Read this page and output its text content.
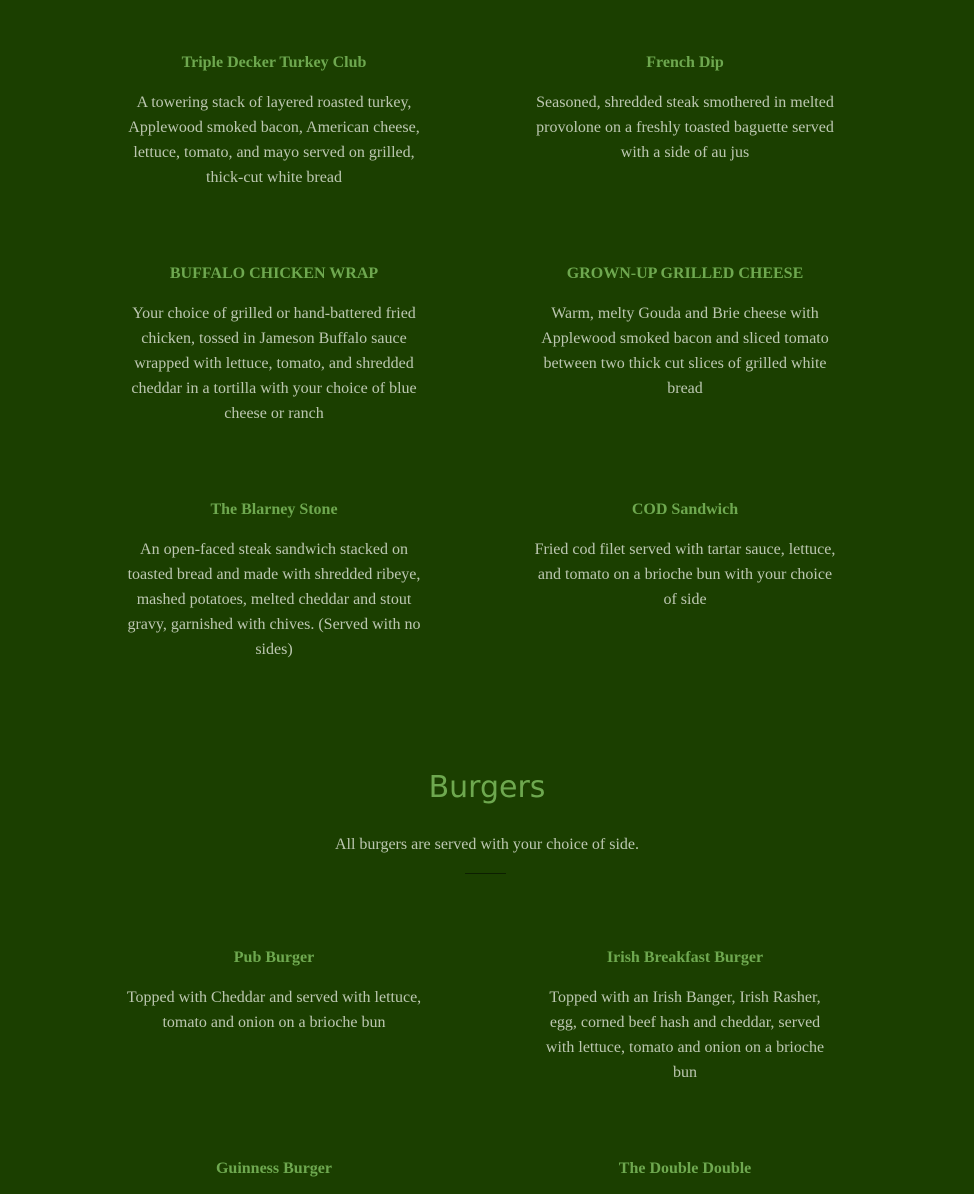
Triple Decker Turkey Club

A towering stack of layered roasted turkey, Applewood smoked bacon, American cheese, lettuce, tomato, and mayo served on grilled, thick-cut white bread

French Dip

Seasoned, shredded steak smothered in melted provolone on a freshly toasted baguette served with a side of au jus

BUFFALO CHICKEN WRAP

Your choice of grilled or hand-battered fried chicken, tossed in Jameson Buffalo sauce wrapped with lettuce, tomato, and shredded cheddar in a tortilla with your choice of blue cheese or ranch

GROWN-UP GRILLED CHEESE

Warm, melty Gouda and Brie cheese with Applewood smoked bacon and sliced tomato between two thick cut slices of grilled white bread

The Blarney Stone

An open-faced steak sandwich stacked on toasted bread and made with shredded ribeye, mashed potatoes, melted cheddar and stout gravy, garnished with chives. (Served with no sides)

COD Sandwich

Fried cod filet served with tartar sauce, lettuce, and tomato on a brioche bun with your choice of side

Burgers

All burgers are served with your choice of side.

Pub Burger

Topped with Cheddar and served with lettuce, tomato and onion on a brioche bun

Irish Breakfast Burger

Topped with an Irish Banger, Irish Rasher, egg, corned beef hash and cheddar, served with lettuce, tomato and onion on a brioche bun

Guinness Burger	The Double Double
